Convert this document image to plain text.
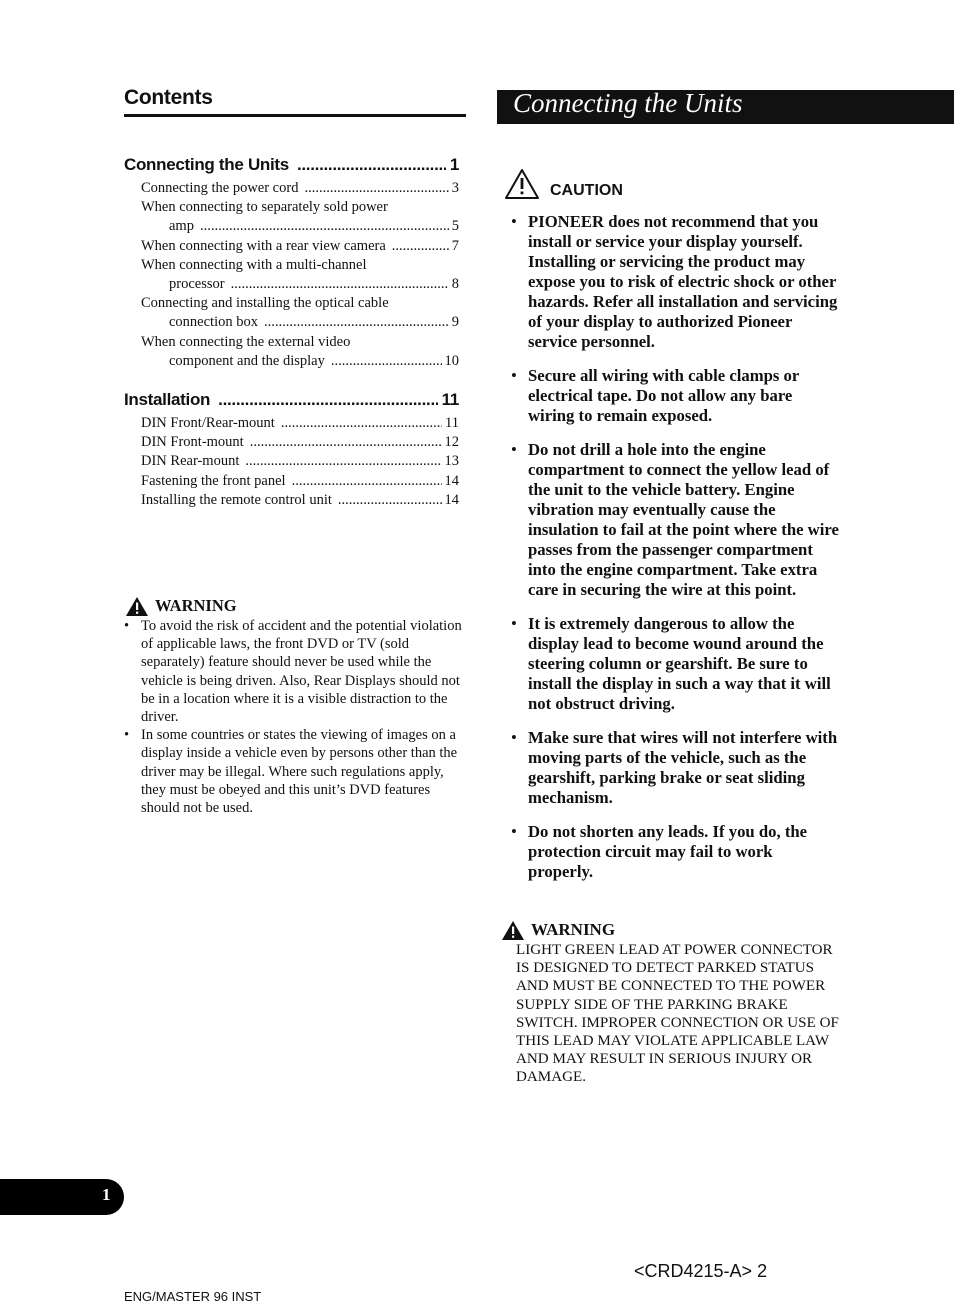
Contents
Connecting the Units .....	1
Connecting the power cord .....	3
When connecting to separately sold power
amp .....	5
When connecting with a rear view camera .....	7
When connecting with a multi-channel
processor .....	8
Connecting and installing the optical cable
connection box .....	9
When connecting the external video
component and the display .....	10
Installation .....	11
DIN Front/Rear-mount .....	11
DIN Front-mount .....	12
DIN Rear-mount .....	13
Fastening the front panel .....	14
Installing the remote control unit .....	14
WARNING
• To avoid the risk of accident and the potential violation of applicable laws, the front DVD or TV (sold separately) feature should never be used while the vehicle is being driven. Also, Rear Displays should not be in a location where it is a visible distraction to the driver.
• In some countries or states the viewing of images on a display inside a vehicle even by persons other than the driver may be illegal. Where such regulations apply, they must be obeyed and this unit’s DVD features should not be used.
Connecting the Units
CAUTION
• PIONEER does not recommend that you install or service your display yourself. Installing or servicing the product may expose you to risk of electric shock or other hazards. Refer all installation and servicing of your display to authorized Pioneer service personnel.
• Secure all wiring with cable clamps or electrical tape. Do not allow any bare wiring to remain exposed.
• Do not drill a hole into the engine compartment to connect the yellow lead of the unit to the vehicle battery. Engine vibration may eventually cause the insulation to fail at the point where the wire passes from the passenger compartment into the engine compartment. Take extra care in securing the wire at this point.
• It is extremely dangerous to allow the display lead to become wound around the steering column or gearshift. Be sure to install the display in such a way that it will not obstruct driving.
• Make sure that wires will not interfere with moving parts of the vehicle, such as the gearshift, parking brake or seat sliding mechanism.
• Do not shorten any leads. If you do, the protection circuit may fail to work properly.
WARNING
LIGHT GREEN LEAD AT POWER CONNECTOR IS DESIGNED TO DETECT PARKED STATUS AND MUST BE CONNECTED TO THE POWER SUPPLY SIDE OF THE PARKING BRAKE SWITCH. IMPROPER CONNECTION OR USE OF THIS LEAD MAY VIOLATE APPLICABLE LAW AND MAY RESULT IN SERIOUS INJURY OR DAMAGE.
1
<CRD4215-A> 2
ENG/MASTER 96 INST
